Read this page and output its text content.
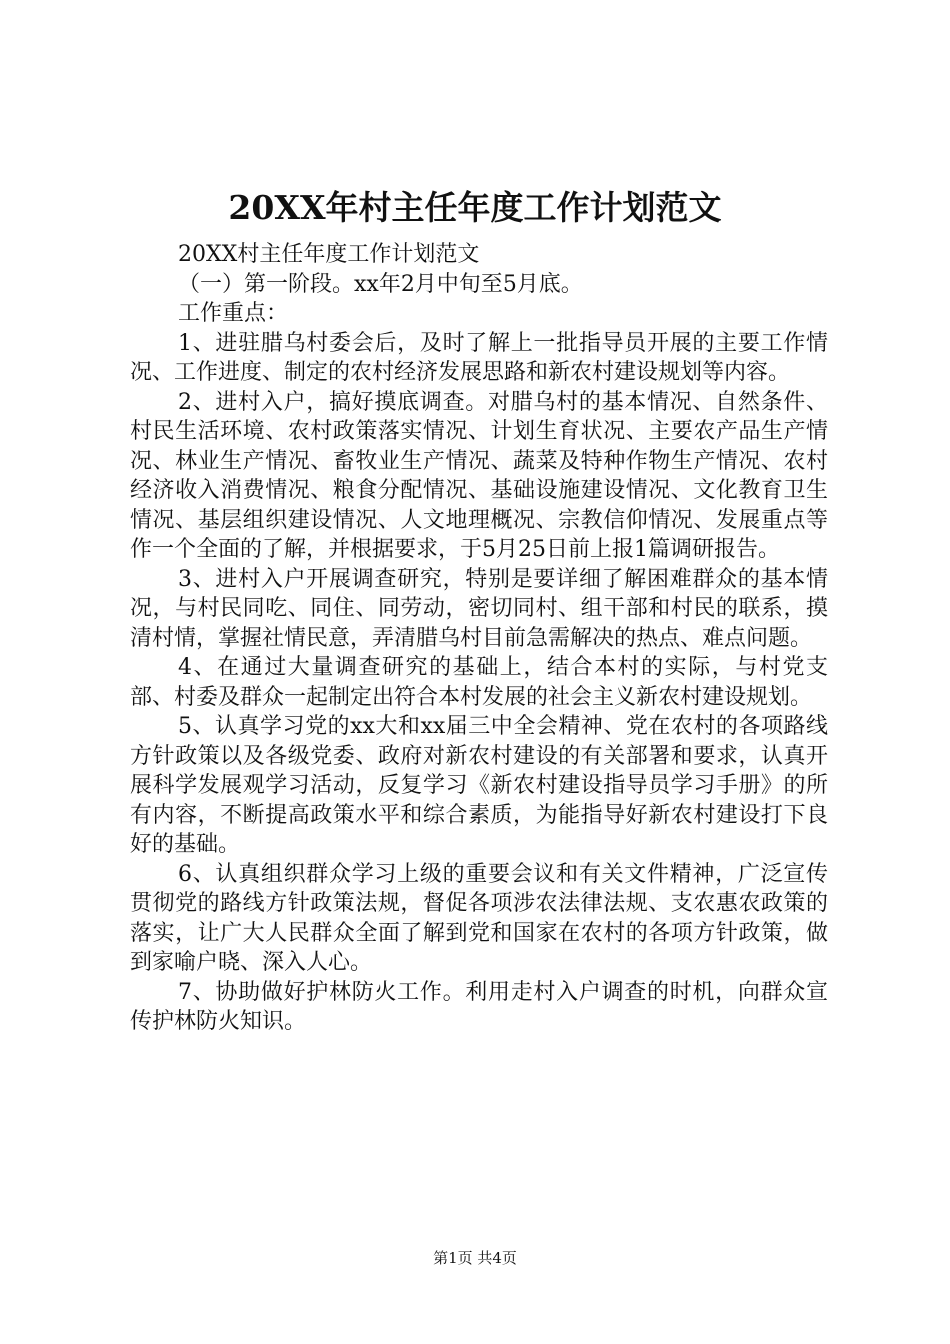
20XX年村主任年度工作计划范文

20XX村主任年度工作计划范文

（一）第一阶段。xx年2月中旬至5月底。

工作重点：

1、进驻腊乌村委会后，及时了解上一批指导员开展的主要工作情况、工作进度、制定的农村经济发展思路和新农村建设规划等内容。

2、进村入户，搞好摸底调查。对腊乌村的基本情况、自然条件、村民生活环境、农村政策落实情况、计划生育状况、主要农产品生产情况、林业生产情况、畜牧业生产情况、蔬菜及特种作物生产情况、农村经济收入消费情况、粮食分配情况、基础设施建设情况、文化教育卫生情况、基层组织建设情况、人文地理概况、宗教信仰情况、发展重点等作一个全面的了解，并根据要求，于5月25日前上报1篇调研报告。

3、进村入户开展调查研究，特别是要详细了解困难群众的基本情况，与村民同吃、同住、同劳动，密切同村、组干部和村民的联系，摸清村情，掌握社情民意，弄清腊乌村目前急需解决的热点、难点问题。

4、在通过大量调查研究的基础上，结合本村的实际，与村党支部、村委及群众一起制定出符合本村发展的社会主义新农村建设规划。

5、认真学习党的xx大和xx届三中全会精神、党在农村的各项路线方针政策以及各级党委、政府对新农村建设的有关部署和要求，认真开展科学发展观学习活动，反复学习《新农村建设指导员学习手册》的所有内容，不断提高政策水平和综合素质，为能指导好新农村建设打下良好的基础。

6、认真组织群众学习上级的重要会议和有关文件精神，广泛宣传贯彻党的路线方针政策法规，督促各项涉农法律法规、支农惠农政策的落实，让广大人民群众全面了解到党和国家在农村的各项方针政策，做到家喻户晓、深入人心。

7、协助做好护林防火工作。利用走村入户调查的时机，向群众宣传护林防火知识。

第1页 共4页
